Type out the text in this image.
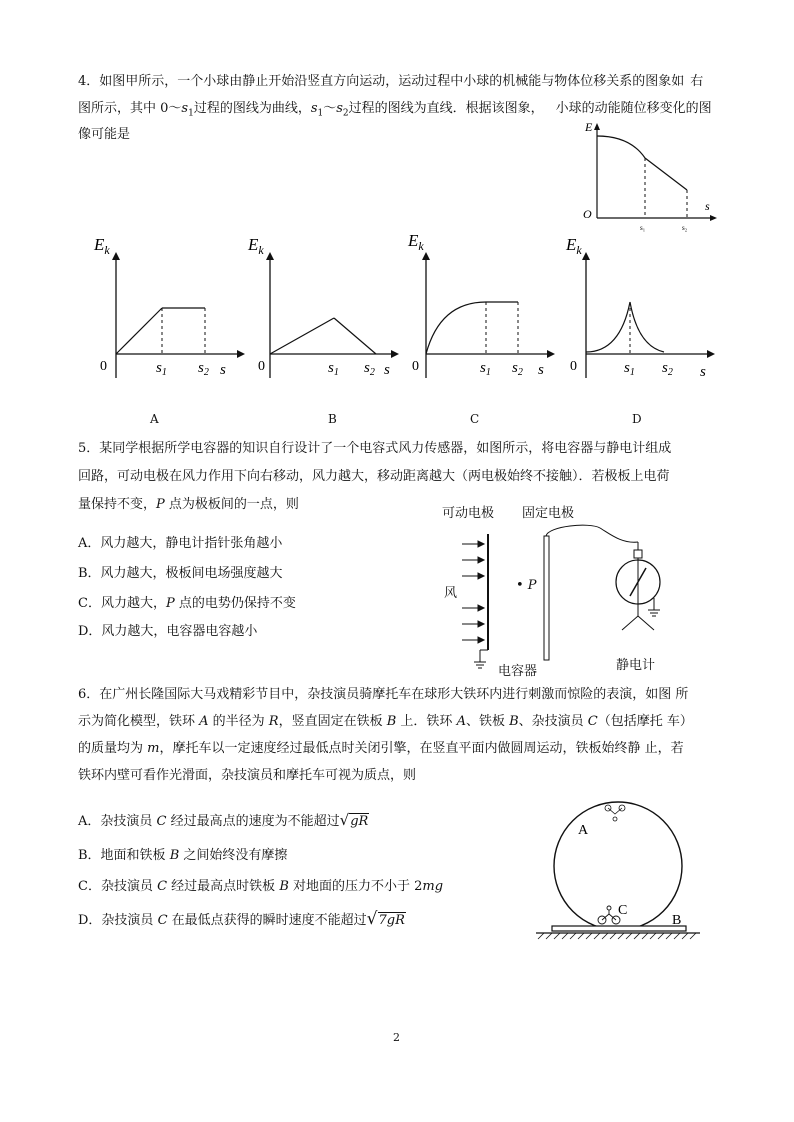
4．如图甲所示，一个小球由静止开始沿竖直方向运动，运动过程中小球的机械能与物体位移关系的图象如 右
图所示，其中 $0\sim s_1$过程的图线为曲线，$s_1\sim s_2$过程的图线为直线．根据该图象， 小球的动能随位移变化的图
像可能是	E
O
s
s₁	s₂
$E_k$
0	$s_1$ $s_2$ s
A
$E_k$
0	$s_1$ $s_2$ s
B
$E_k$
0	$s_1$ $s_2$ s
C
$E_k$
0	$s_1$ $s_2$ s
D
5．某同学根据所学电容器的知识自行设计了一个电容式风力传感器，如图所示，将电容器与静电计组成
回路，可动电极在风力作用下向右移动，风力越大，移动距离越大（两电极始终不接触）．若极板上电荷
量保持不变，P 点为极板间的一点，则
A．风力越大，静电计指针张角越小
B．风力越大，极板间电场强度越大
C．风力越大，P 点的电势仍保持不变
D．风力越大，电容器电容越小
可动电极 固定电极
风
• P
电容器	静电计
6．在广州长隆国际大马戏精彩节目中，杂技演员骑摩托车在球形大铁环内进行刺激而惊险的表演，如图 所
示为简化模型，铁环 A 的半径为 R，竖直固定在铁板 B 上．铁环 A、铁板 B、杂技演员 C（包括摩托 车）
的质量均为 m，摩托车以一定速度经过最低点时关闭引擎，在竖直平面内做圆周运动，铁板始终静 止，若
铁环内壁可看作光滑面，杂技演员和摩托车可视为质点，则
A．杂技演员 C 经过最高点的速度为不能超过√gR
B．地面和铁板 B 之间始终没有摩擦
C．杂技演员 C 经过最高点时铁板 B 对地面的压力不小于 2mg
D．杂技演员 C 在最低点获得的瞬时速度不能超过√7gR
A
C
B
2
